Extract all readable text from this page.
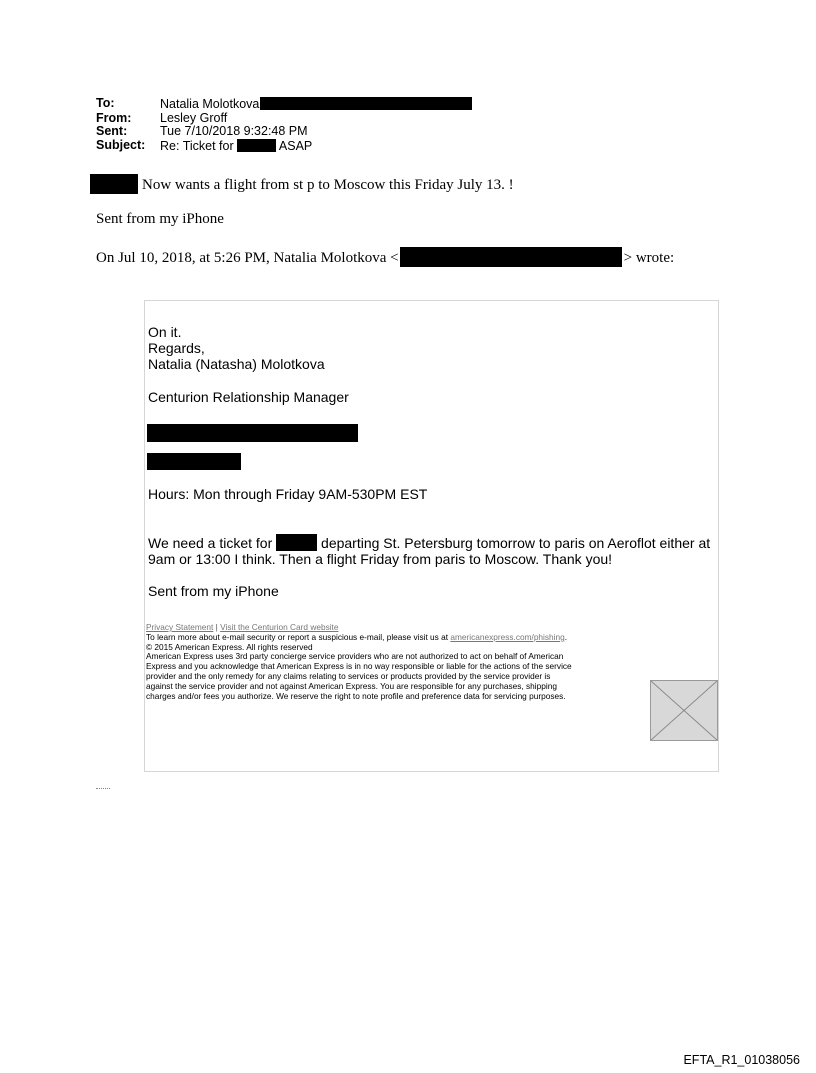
To:	Natalia Molotkova
From:	Lesley Groff
Sent:	Tue 7/10/2018 9:32:48 PM
Subject:	Re: Ticket for	ASAP
Now wants a flight from st p to Moscow this Friday July 13. !
Sent from my iPhone
On Jul 10, 2018, at 5:26 PM, Natalia Molotkova <	> wrote:
On it.
Regards,
Natalia (Natasha) Molotkova
Centurion Relationship Manager
Hours: Mon through Friday 9AM-530PM EST
We need a ticket for	departing St. Petersburg tomorrow to paris on Aeroflot either at
9am or 13:00 I think. Then a flight Friday from paris to Moscow. Thank you!
Sent from my iPhone

Privacy Statement | Visit the Centurion Card website

To learn more about e-mail security or report a suspicious e-mail, please visit us at americanexpress.com/phishing.

© 2015 American Express. All rights reserved

American Express uses 3rd party concierge service providers who are not authorized to act on behalf of American

Express and you acknowledge that American Express is in no way responsible or liable for the actions of the service

provider and the only remedy for any claims relating to services or products provided by the service provider is

against the service provider and not against American Express. You are responsible for any purchases, shipping

charges and/or fees you authorize. We reserve the right to note profile and preference data for servicing purposes.

EFTA_R1_01038056
